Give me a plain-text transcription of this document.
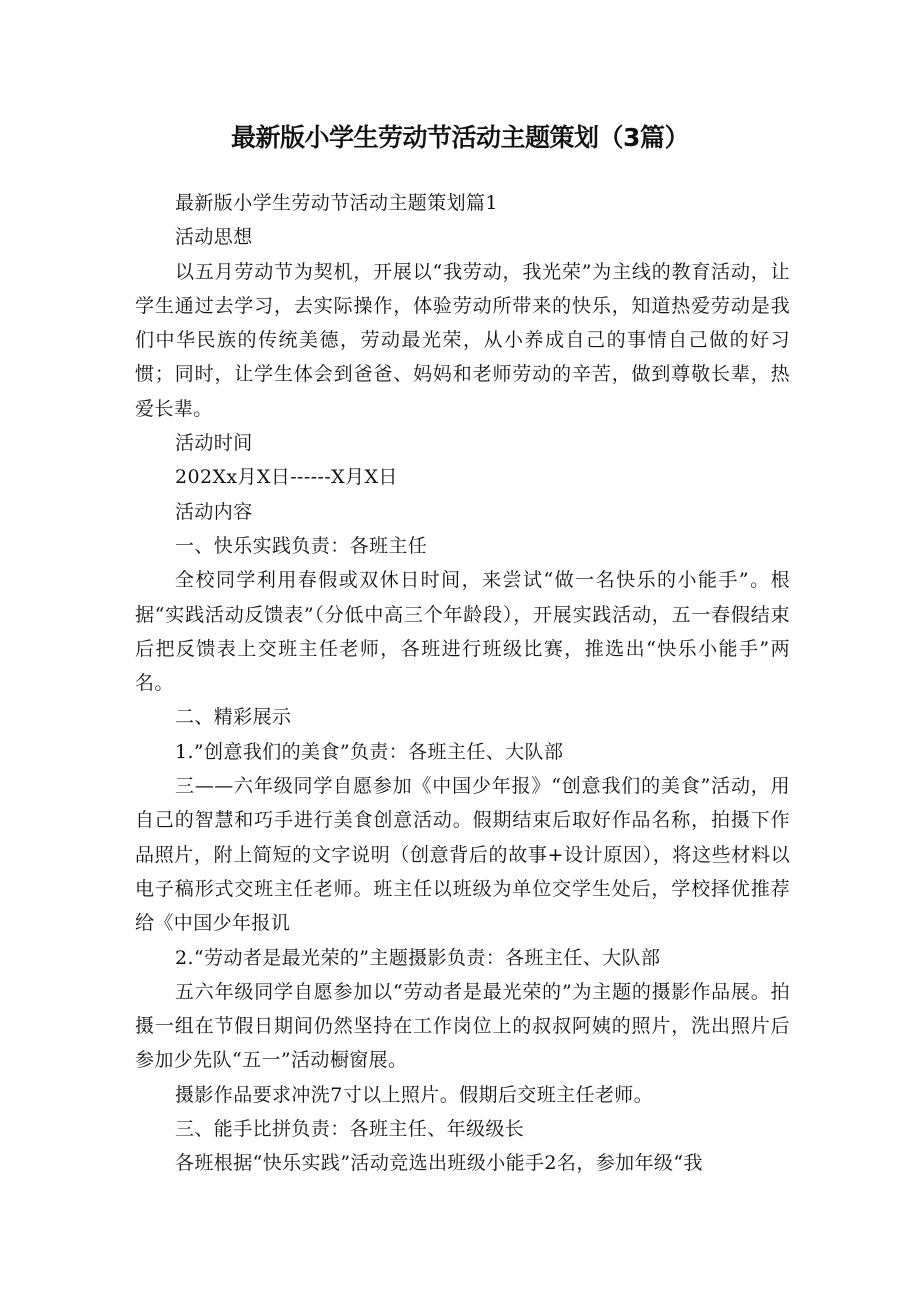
最新版小学生劳动节活动主题策划（3篇）

最新版小学生劳动节活动主题策划篇1

活动思想

以五月劳动节为契机，开展以“我劳动，我光荣”为主线的教育活动，让学生通过去学习，去实际操作，体验劳动所带来的快乐，知道热爱劳动是我们中华民族的传统美德，劳动最光荣，从小养成自己的事情自己做的好习惯；同时，让学生体会到爸爸、妈妈和老师劳动的辛苦，做到尊敬长辈，热爱长辈。

活动时间

202Xx月X日------X月X日

活动内容

一、快乐实践负责：各班主任

全校同学利用春假或双休日时间，来尝试“做一名快乐的小能手”。根据“实践活动反馈表”（分低中高三个年龄段），开展实践活动，五一春假结束后把反馈表上交班主任老师，各班进行班级比赛，推选出“快乐小能手”两名。

二、精彩展示

1.”创意我们的美食”负责：各班主任、大队部

三——六年级同学自愿参加《中国少年报》“创意我们的美食”活动，用自己的智慧和巧手进行美食创意活动。假期结束后取好作品名称，拍摄下作品照片，附上简短的文字说明（创意背后的故事+设计原因），将这些材料以电子稿形式交班主任老师。班主任以班级为单位交学生处后，学校择优推荐给《中国少年报讥

2.“劳动者是最光荣的”主题摄影负责：各班主任、大队部

五六年级同学自愿参加以“劳动者是最光荣的”为主题的摄影作品展。拍摄一组在节假日期间仍然坚持在工作岗位上的叔叔阿姨的照片，洗出照片后参加少先队“五一”活动橱窗展。

摄影作品要求冲洗7寸以上照片。假期后交班主任老师。

三、能手比拼负责：各班主任、年级级长

各班根据“快乐实践”活动竞选出班级小能手2名，参加年级“我
